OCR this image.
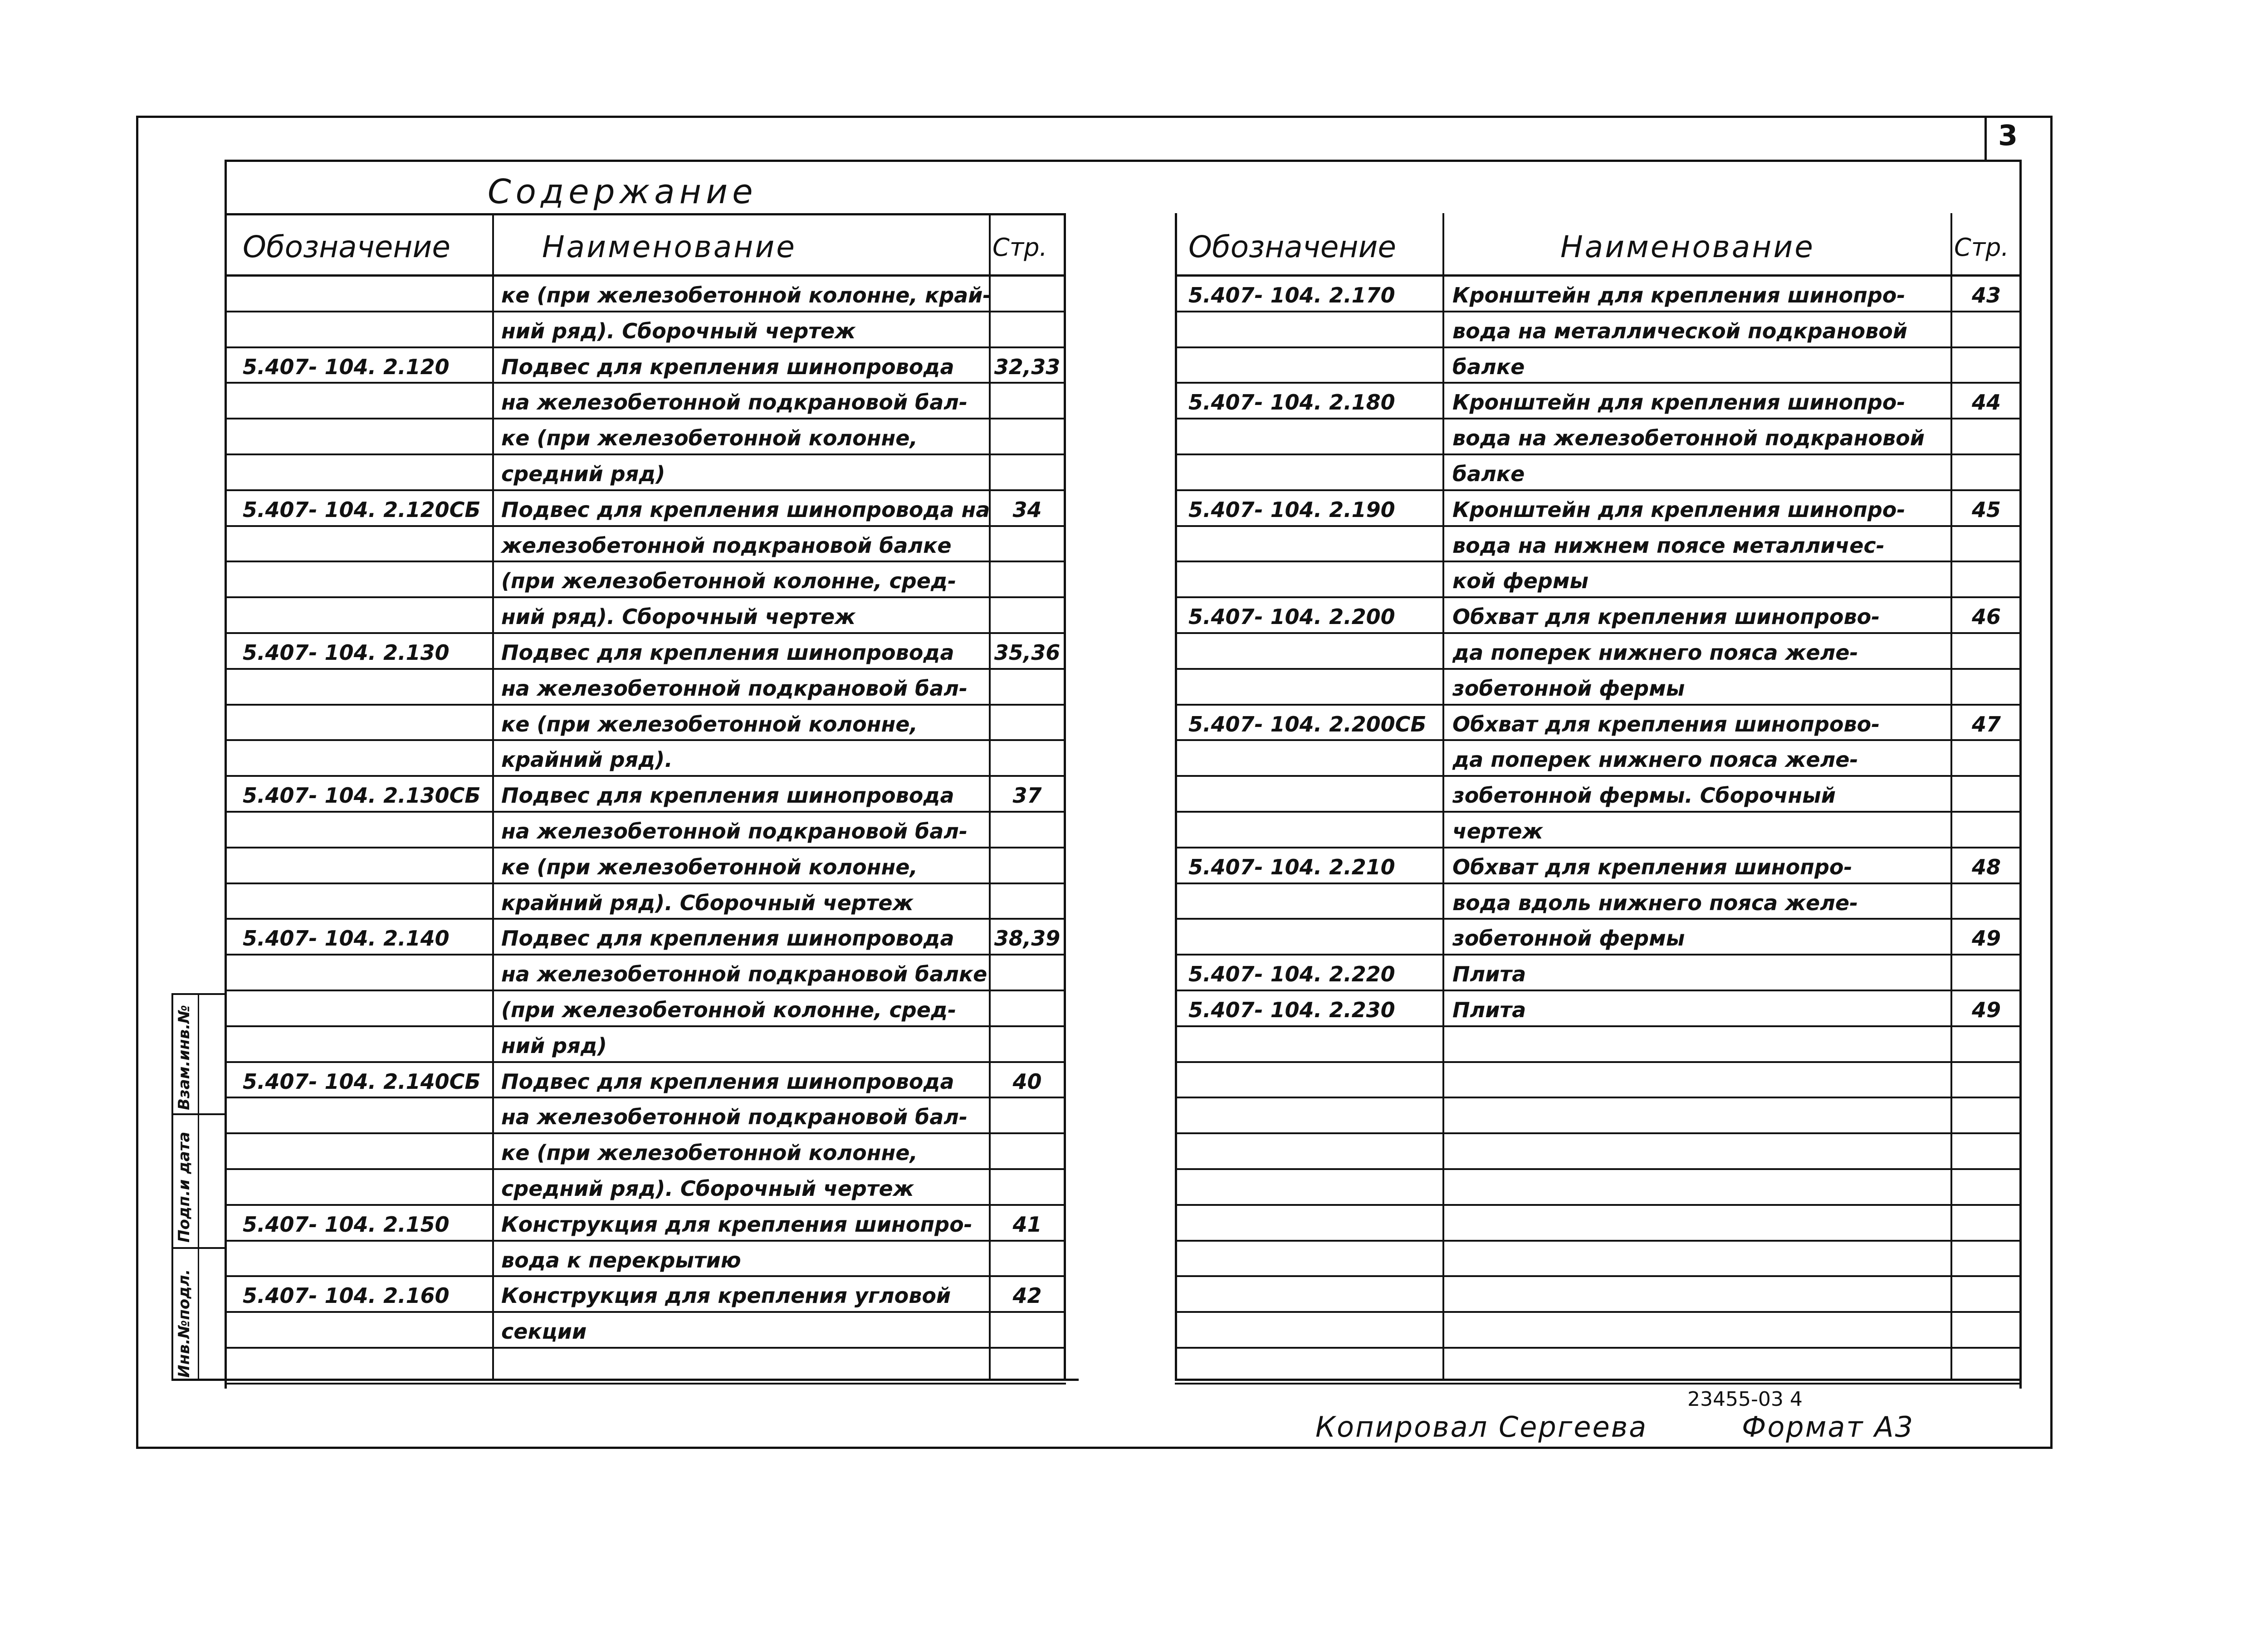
3
Содержание
Обозначение	Наименование	Стр.
ке (при железобетонной колонне, край-
ний ряд). Сборочный чертеж
5.407- 104. 2.120 Подвес для крепления шинопровода 32,33
на железобетонной подкрановой бал-
ке (при железобетонной колонне,
средний ряд)
5.407- 104. 2.120СБ Подвес для крепления шинопровода на	34
железобетонной подкрановой балке
(при железобетонной колонне, сред-
ний ряд). Сборочный чертеж
5.407- 104. 2.130 Подвес для крепления шинопровода 35,36
на железобетонной подкрановой бал-
ке (при железобетонной колонне,
крайний ряд).
5.407- 104. 2.130СБ Подвес для крепления шинопровода	37
на железобетонной подкрановой бал-
ке (при железобетонной колонне,
крайний ряд). Сборочный чертеж
5.407- 104. 2.140 Подвес для крепления шинопровода 38,39
на железобетонной подкрановой балке
(при железобетонной колонне, сред-
ний ряд)
5.407- 104. 2.140СБ Подвес для крепления шинопровода	40
на железобетонной подкрановой бал-
ке (при железобетонной колонне,
средний ряд). Сборочный чертеж
5.407- 104. 2.150 Конструкция для крепления шинопро-	41
вода к перекрытию
5.407- 104. 2.160 Конструкция для крепления угловой	42
секции
Обозначение	Наименование	Стр.
5.407- 104. 2.170	Кронштейн для крепления шинопро-	43
вода на металлической подкрановой
балке
5.407- 104. 2.180	Кронштейн для крепления шинопро-	44
вода на железобетонной подкрановой
балке
5.407- 104. 2.190	Кронштейн для крепления шинопро-	45
вода на нижнем поясе металличес-
кой фермы
5.407- 104. 2.200	Обхват для крепления шинопрово-	46
да поперек нижнего пояса желе-
зобетонной фермы
5.407- 104. 2.200СБ Обхват для крепления шинопрово-	47
да поперек нижнего пояса желе-
зобетонной фермы. Сборочный
чертеж
5.407- 104. 2.210	Обхват для крепления шинопро-	48
вода вдоль нижнего пояса желе-
зобетонной фермы	49
5.407- 104. 2.220	Плита
5.407- 104. 2.230	Плита	49
Взам.инв.№
Подп.и дата
Инв.№подл.
23455-03 4
Копировал Сергеева	Формат А3
